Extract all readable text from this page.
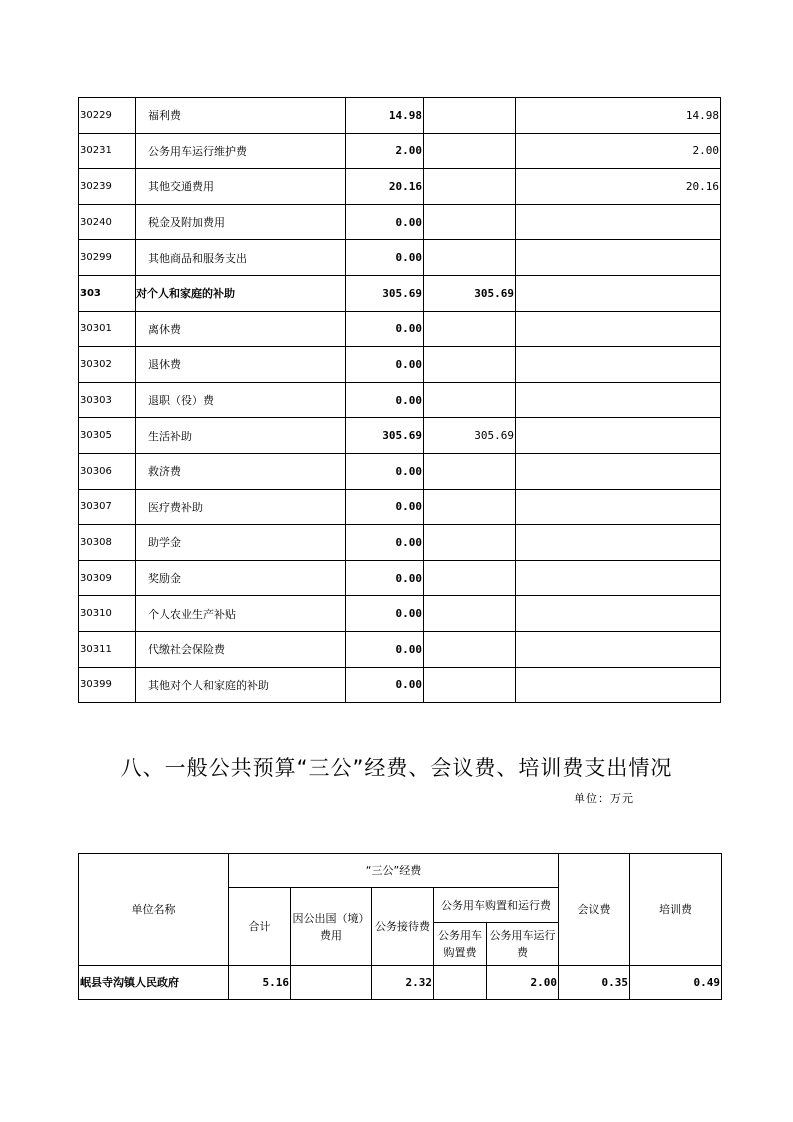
30229	福利费	14.98		14.98
30231	公务用车运行维护费	2.00		2.00
30239	其他交通费用	20.16		20.16
30240	税金及附加费用	0.00		
30299	其他商品和服务支出	0.00		
303	对个人和家庭的补助	305.69	305.69	
30301	离休费	0.00		
30302	退休费	0.00		
30303	退职（役）费	0.00		
30305	生活补助	305.69	305.69	
30306	救济费	0.00		
30307	医疗费补助	0.00		
30308	助学金	0.00		
30309	奖励金	0.00		
30310	个人农业生产补贴	0.00		
30311	代缴社会保险费	0.00		
30399	其他对个人和家庭的补助	0.00		
八、一般公共预算“三公”经费、会议费、培训费支出情况
单位：万元
单位名称	“三公”经费					会议费	培训费
	合计	因公出国（境）费用	公务接待费	公务用车购置和运行费			
				公务用车购置费	公务用车运行费		
岷县寺沟镇人民政府	5.16		2.32		2.00	0.35	0.49
